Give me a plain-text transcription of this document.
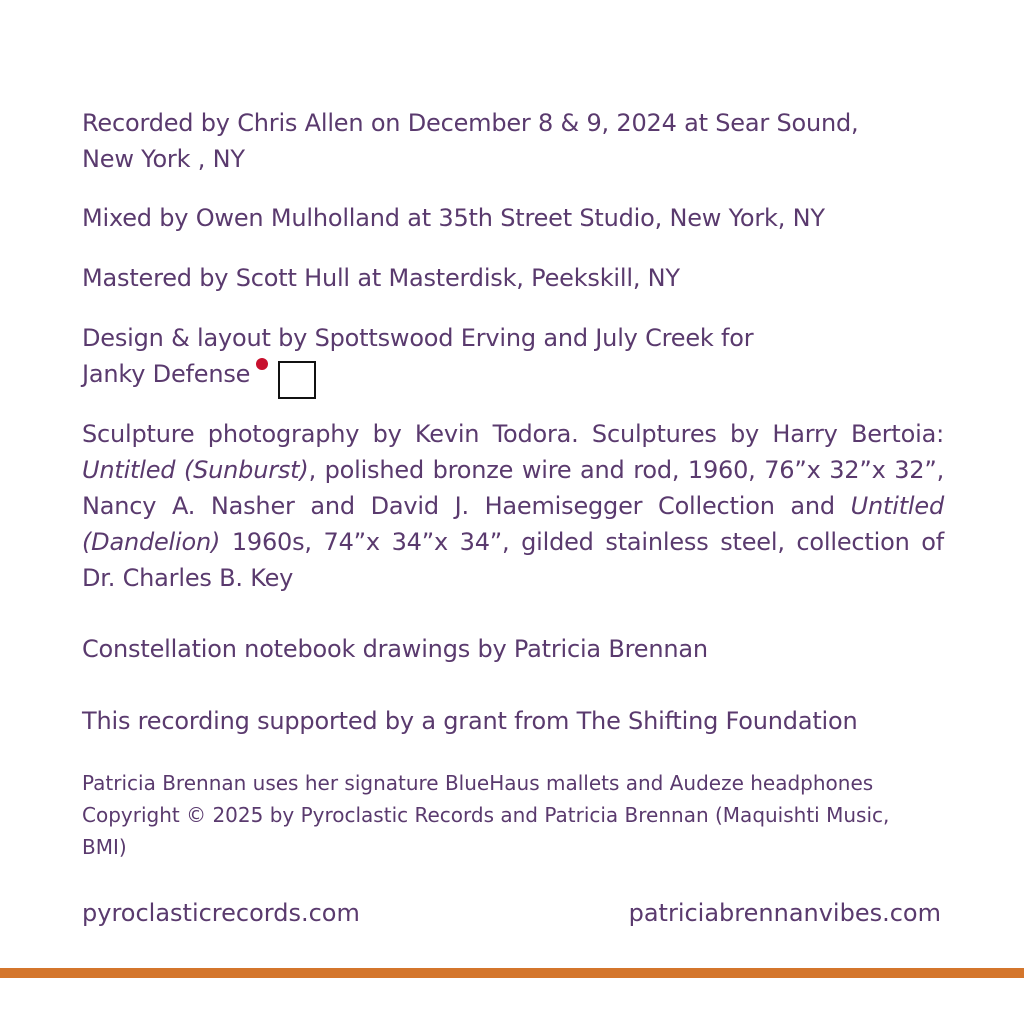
Recorded by Chris Allen on December 8 & 9, 2024 at Sear Sound,
New York , NY
Mixed by Owen Mulholland at 35th Street Studio, New York, NY
Mastered by Scott Hull at Masterdisk, Peekskill, NY
Design & layout by Spottswood Erving and July Creek for
Janky Defense
Sculpture photography by Kevin Todora. Sculptures by Harry Bertoia:
Untitled (Sunburst), polished bronze wire and rod, 1960, 76”x 32”x 32”,
Nancy A. Nasher and David J. Haemisegger Collection and Untitled
(Dandelion) 1960s, 74”x 34”x 34”, gilded stainless steel, collection of
Dr. Charles B. Key
Constellation notebook drawings by Patricia Brennan
This recording supported by a grant from The Shifting Foundation
Patricia Brennan uses her signature BlueHaus mallets and Audeze headphones
Copyright © 2025 by Pyroclastic Records and Patricia Brennan (Maquishti Music,
BMI)
pyroclasticrecords.com	patriciabrennanvibes.com
